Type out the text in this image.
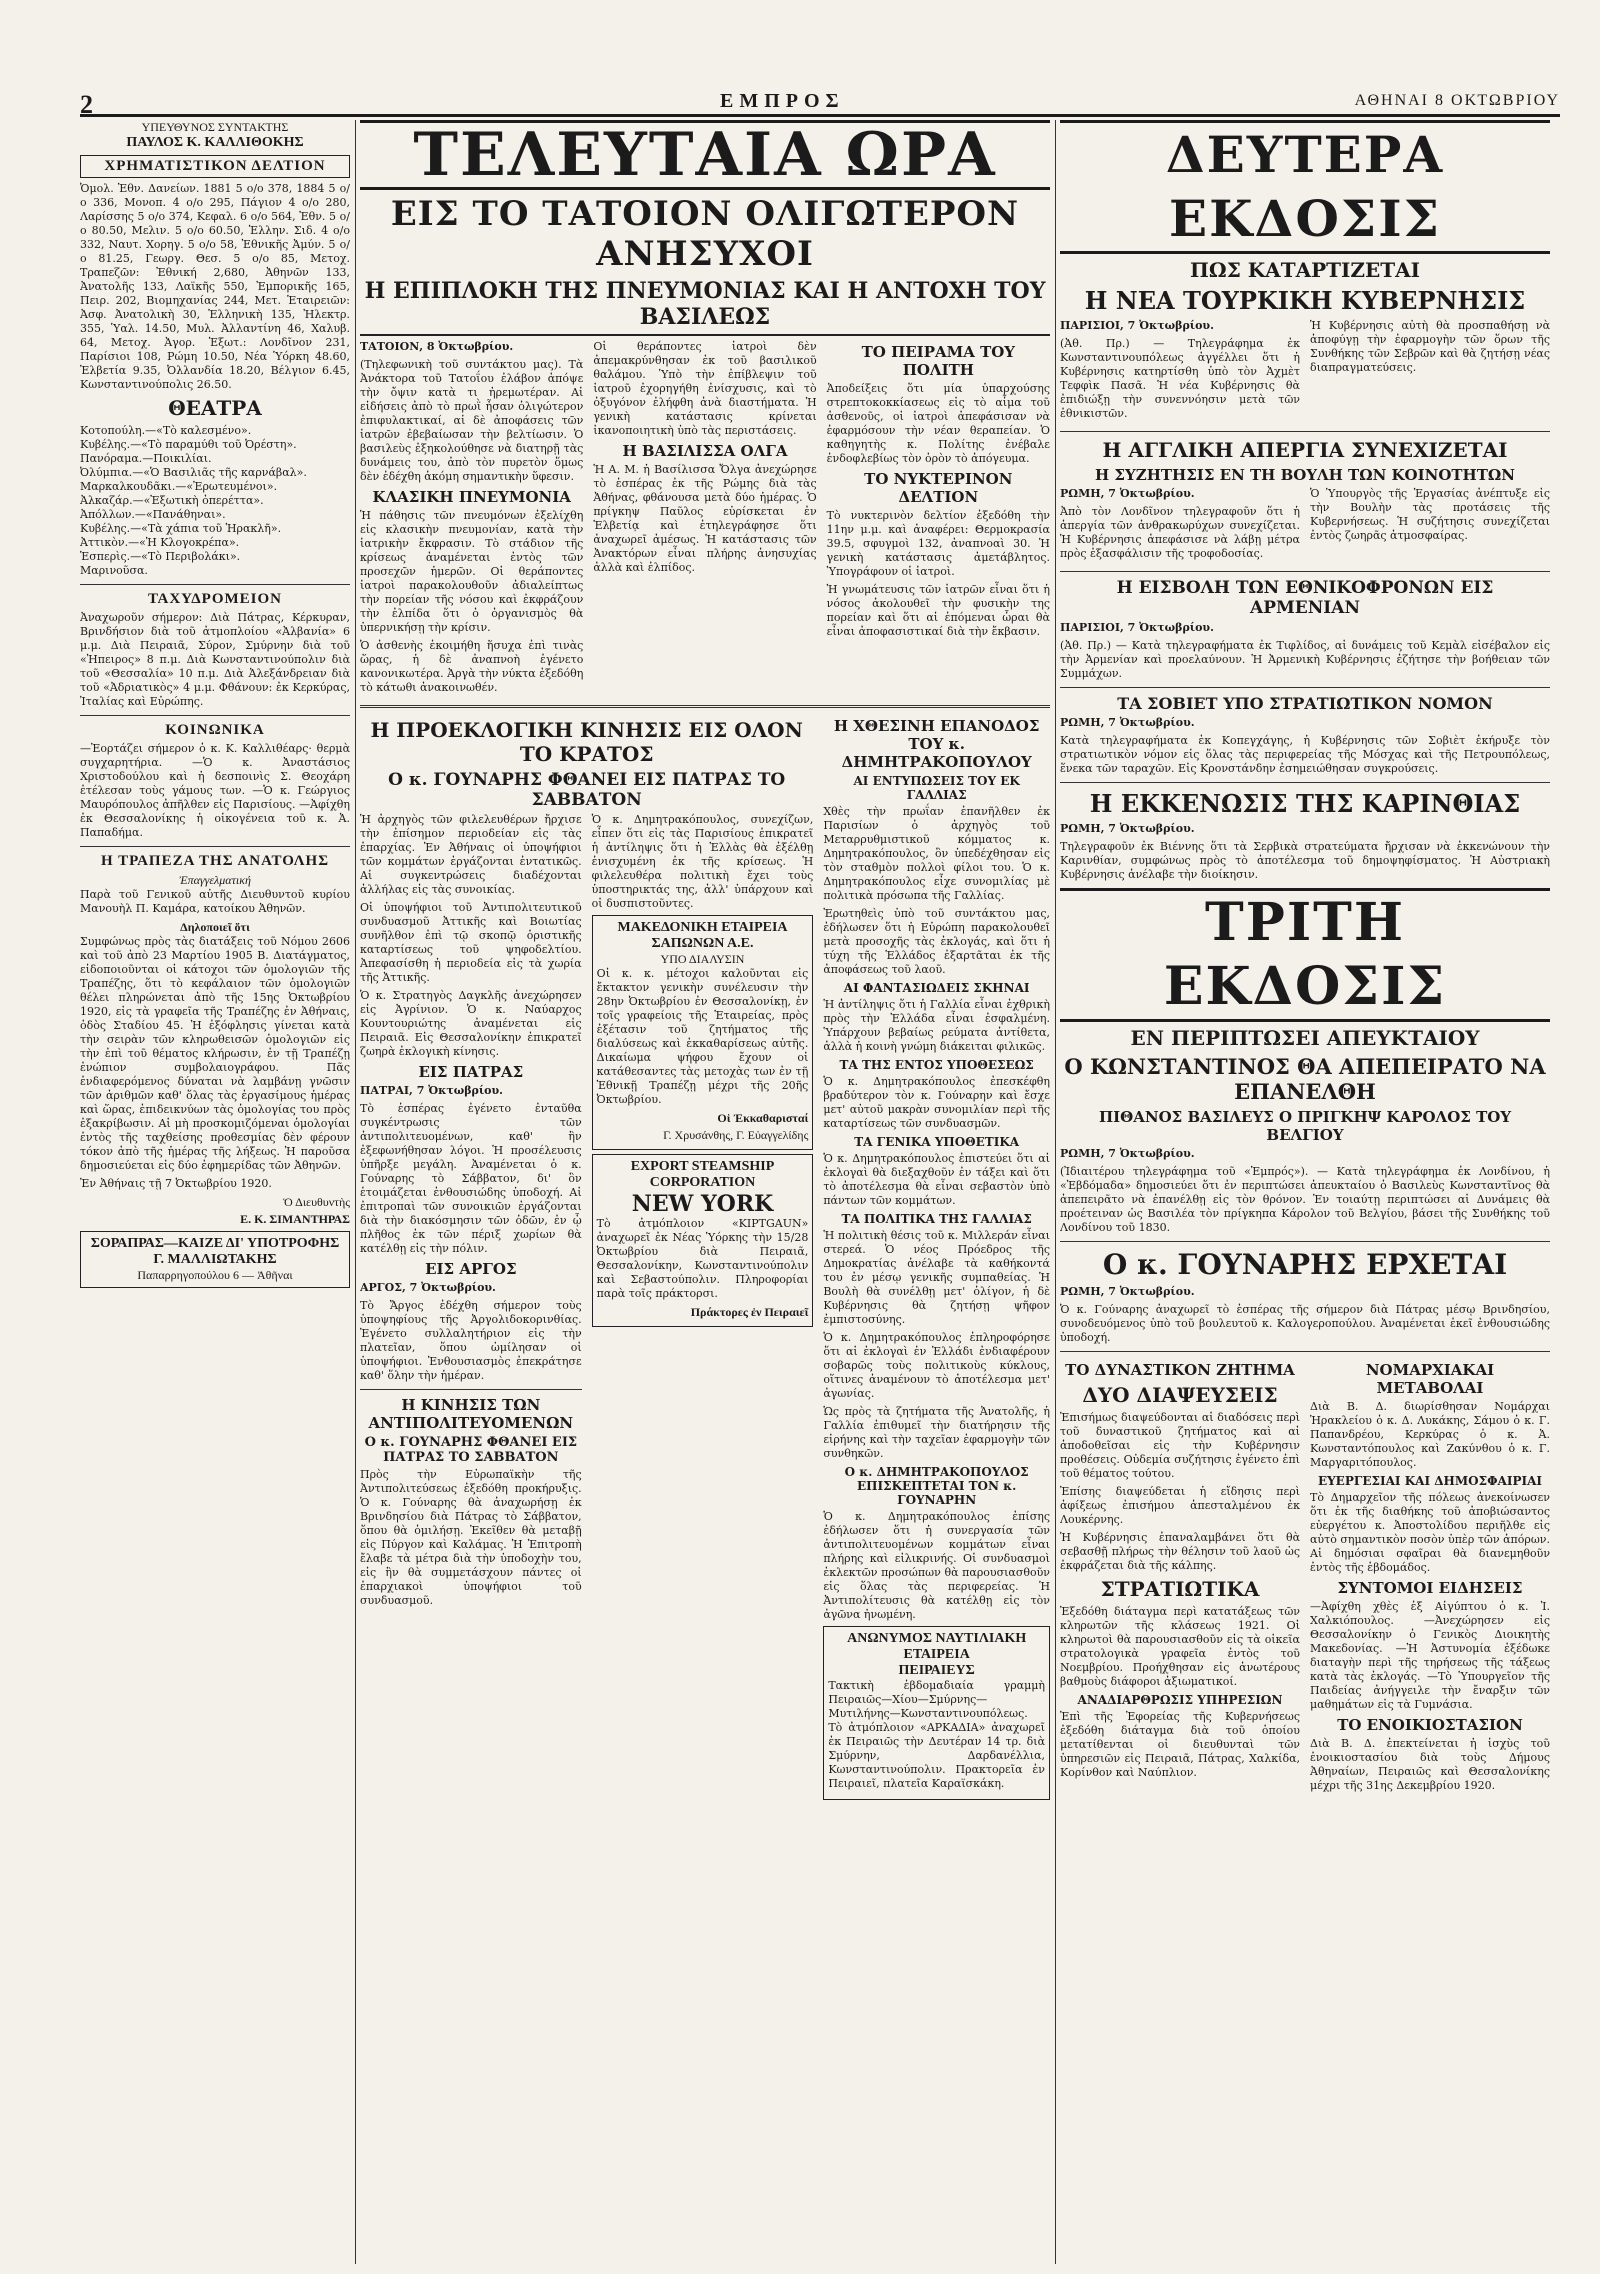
2	ΕΜΠΡΟΣ	ΑΘΗΝΑΙ 8 ΟΚΤΩΒΡΙΟΥ

ΥΠΕΥΘΥΝΟΣ ΣΥΝΤΑΚΤΗΣ

ΠΑΥΛΟΣ Κ. ΚΑΛΛΙΘΟΚΗΣ

ΧΡΗΜΑΤΙΣΤΙΚΟΝ ΔΕΛΤΙΟΝ

Ὁμολ. Ἐθν. Δανείων. 1881 5 ο/ο 378, 1884 5 ο/ο 336, Μονοπ. 4 ο/ο 295, Πάγιον 4 ο/ο 280, Λαρίσσης 5 ο/ο 374, Κεφαλ. 6 ο/ο 564, Ἐθν. 5 ο/ο 80.50, Μελιν. 5 ο/ο 60.50, Ἐλλην. Σιδ. 4 ο/ο 332, Ναυτ. Χορηγ. 5 ο/ο 58, Ἐθνικῆς Ἀμύν. 5 ο/ο 81.25, Γεωργ. Θεσ. 5 ο/ο 85, Μετοχ. Τραπεζῶν: Ἐθνική 2,680, Ἀθηνῶν 133, Ἀνατολῆς 133, Λαϊκῆς 550, Ἐμπορικῆς 165, Πειρ. 202, Βιομηχανίας 244, Μετ. Ἑταιρειῶν: Ἀσφ. Ἀνατολικὴ 30, Ἑλληνικὴ 135, Ἠλεκτρ. 355, Ὑαλ. 14.50, Μυλ. Ἀλλαντίνη 46, Χαλυβ. 64, Μετοχ. Ἀγορ. Ἐξωτ.: Λονδῖνον 231, Παρίσιοι 108, Ρώμη 10.50, Νέα Ὑόρκη 48.60, Ἐλβετία 9.35, Ὀλλανδία 18.20, Βέλγιον 6.45, Κωνσταντινούπολις 26.50.

ΘΕΑΤΡΑ

Κοτοπούλη.—«Τὸ καλεσμένο».

Κυβέλης.—«Τὸ παραμύθι τοῦ Ὀρέστη».

Πανόραμα.—Ποικιλίαι.

Ὀλύμπια.—«Ὁ Βασιλιᾶς τῆς καρνάβαλ».

Μαρκαλκουδᾶκι.—«Ἐρωτευμένοι».

Ἀλκαζάρ.—«Ἐξωτικὴ ὀπερέττα».

Ἀπόλλων.—«Πανάθηναι».

Κυβέλης.—«Τὰ χάπια τοῦ Ἡρακλῆ».

Ἀττικὸν.—«Ἡ Κλογοκρέπα».

Ἑσπερὶς.—«Τὸ Περιβολάκι».

Μαρινοῦσα.

ΤΑΧΥΔΡΟΜΕΙΟΝ

Ἀναχωροῦν σήμερον: Διὰ Πάτρας, Κέρκυραν, Βρινδήσιον διὰ τοῦ ἀτμοπλοίου «Ἀλβανία» 6 μ.μ. Διὰ Πειραιᾶ, Σύρον, Σμύρνην διὰ τοῦ «Ἠπειρος» 8 π.μ. Διὰ Κωνσταντινούπολιν διὰ τοῦ «Θεσσαλία» 10 π.μ. Διὰ Ἀλεξάνδρειαν διὰ τοῦ «Ἀδριατικὸς» 4 μ.μ. Φθάνουν: ἐκ Κερκύρας, Ἰταλίας καὶ Εὐρώπης.

ΚΟΙΝΩΝΙΚΑ

—Ἐορτάζει σήμερον ὁ κ. Κ. Καλλιθέαρς· θερμὰ συγχαρητήρια. —Ὁ κ. Ἀναστάσιος Χριστοδούλου καὶ ἡ δεσποινὶς Σ. Θεοχάρη ἐτέλεσαν τοὺς γάμους των. —Ὁ κ. Γεώργιος Μαυρόπουλος ἀπῆλθεν εἰς Παρισίους. —Ἀφίχθη ἐκ Θεσσαλονίκης ἡ οἰκογένεια τοῦ κ. Ἀ. Παπαδήμα.

Η ΤΡΑΠΕΖΑ ΤΗΣ ΑΝΑΤΟΛΗΣ

Ἐπαγγελματική

Παρὰ τοῦ Γενικοῦ αὐτῆς Διευθυντοῦ κυρίου Μανουὴλ Π. Καμάρα, κατοίκου Ἀθηνῶν.

Δηλοποιεῖ ὅτι

Συμφώνως πρὸς τὰς διατάξεις τοῦ Νόμου 2606 καὶ τοῦ ἀπὸ 23 Μαρτίου 1905 Β. Διατάγματος, εἰδοποιοῦνται οἱ κάτοχοι τῶν ὁμολογιῶν τῆς Τραπέζης, ὅτι τὸ κεφάλαιον τῶν ὁμολογιῶν θέλει πληρώνεται ἀπὸ τῆς 15ης Ὀκτωβρίου 1920, εἰς τὰ γραφεῖα τῆς Τραπέζης ἐν Ἀθήναις, ὁδὸς Σταδίου 45. Ἡ ἐξόφλησις γίνεται κατὰ τὴν σειρὰν τῶν κληρωθεισῶν ὁμολογιῶν εἰς τὴν ἐπὶ τοῦ θέματος κλήρωσιν, ἐν τῇ Τραπέζῃ ἐνώπιον συμβολαιογράφου. Πᾶς ἐνδιαφερόμενος δύναται νὰ λαμβάνῃ γνῶσιν τῶν ἀριθμῶν καθ' ὅλας τὰς ἐργασίμους ἡμέρας καὶ ὥρας, ἐπιδεικνύων τὰς ὁμολογίας του πρὸς ἐξακρίβωσιν. Αἱ μὴ προσκομιζόμεναι ὁμολογίαι ἐντὸς τῆς ταχθείσης προθεσμίας δὲν φέρουν τόκον ἀπὸ τῆς ἡμέρας τῆς λήξεως. Ἡ παροῦσα δημοσιεύεται εἰς δύο ἐφημερίδας τῶν Ἀθηνῶν.

Ἐν Ἀθήναις τῇ 7 Ὀκτωβρίου 1920.

Ὁ Διευθυντὴς

Ε. Κ. ΣΙΜΑΝΤΗΡΑΣ

ΣΟΡΑΠΡΑΣ—ΚΑΙΖΕ ΔΙ' ΥΠΟΤΡΟΦΗΣ
Γ. ΜΑΛΛΙΩΤΑΚΗΣ
Παπαρρηγοπούλου 6 — Ἀθῆναι
ΤΕΛΕΥΤΑΙΑ ΩΡΑ
ΕΙΣ ΤΟ ΤΑΤΟΙΟΝ ΟΛΙΓΩΤΕΡΟΝ ΑΝΗΣΥΧΟΙ
Η ΕΠΙΠΛΟΚΗ ΤΗΣ ΠΝΕΥΜΟΝΙΑΣ ΚΑΙ Η ΑΝΤΟΧΗ ΤΟΥ ΒΑΣΙΛΕΩΣ

ΤΑΤΟΙΟΝ, 8 Ὀκτωβρίου.

(Τηλεφωνικὴ τοῦ συντάκτου μας). Τὰ Ἀνάκτορα τοῦ Τατοΐου ἐλάβον ἀπόψε τὴν ὄψιν κατὰ τι ἠρεμωτέραν. Αἱ εἰδήσεις ἀπὸ τὸ πρωῒ ἦσαν ὀλιγώτερον ἐπιφυλακτικαί, αἱ δὲ ἀποφάσεις τῶν ἰατρῶν ἐβεβαίωσαν τὴν βελτίωσιν. Ὁ βασιλεὺς ἐξηκολούθησε νὰ διατηρῇ τὰς δυνάμεις του, ἀπὸ τὸν πυρετὸν ὅμως δὲν ἐδέχθη ἀκόμη σημαντικὴν ὕφεσιν.

ΚΛΑΣΙΚΗ ΠΝΕΥΜΟΝΙΑ

Ἡ πάθησις τῶν πνευμόνων ἐξελίχθη εἰς κλασικὴν πνευμονίαν, κατὰ τὴν ἰατρικὴν ἔκφρασιν. Τὸ στάδιον τῆς κρίσεως ἀναμένεται ἐντὸς τῶν προσεχῶν ἡμερῶν. Οἱ θεράποντες ἰατροὶ παρακολουθοῦν ἀδιαλείπτως τὴν πορείαν τῆς νόσου καὶ ἐκφράζουν τὴν ἐλπίδα ὅτι ὁ ὀργανισμὸς θὰ ὑπερνικήσῃ τὴν κρίσιν.

Ὁ ἀσθενὴς ἐκοιμήθη ἥσυχα ἐπὶ τινὰς ὥρας, ἡ δὲ ἀναπνοὴ ἐγένετο κανονικωτέρα. Ἀργὰ τὴν νύκτα ἐξεδόθη τὸ κάτωθι ἀνακοινωθέν.

Οἱ θεράποντες ἰατροὶ δὲν ἀπεμακρύνθησαν ἐκ τοῦ βασιλικοῦ θαλάμου. Ὑπὸ τὴν ἐπίβλεψιν τοῦ ἰατροῦ ἐχορηγήθη ἐνίσχυσις, καὶ τὸ ὀξυγόνον ἐλήφθη ἀνὰ διαστήματα. Ἡ γενικὴ κατάστασις κρίνεται ἱκανοποιητικὴ ὑπὸ τὰς περιστάσεις.

Η ΒΑΣΙΛΙΣΣΑ ΟΛΓΑ

Ἡ Α. Μ. ἡ Βασίλισσα Ὄλγα ἀνεχώρησε τὸ ἑσπέρας ἐκ τῆς Ρώμης διὰ τὰς Ἀθήνας, φθάνουσα μετὰ δύο ἡμέρας. Ὁ πρίγκηψ Παῦλος εὑρίσκεται ἐν Ἑλβετίᾳ καὶ ἐτηλεγράφησε ὅτι ἀναχωρεῖ ἀμέσως. Ἡ κατάστασις τῶν Ἀνακτόρων εἶναι πλήρης ἀνησυχίας ἀλλὰ καὶ ἐλπίδος.

ΤΟ ΠΕΙΡΑΜΑ ΤΟΥ ΠΟΛΙΤΗ

Ἀποδείξεις ὅτι μία ὑπαρχούσης στρεπτοκοκκίασεως εἰς τὸ αἷμα τοῦ ἀσθενοῦς, οἱ ἰατροὶ ἀπεφάσισαν νὰ ἐφαρμόσουν τὴν νέαν θεραπείαν. Ὁ καθηγητὴς κ. Πολίτης ἐνέβαλε ἐνδοφλεβίως τὸν ὀρὸν τὸ ἀπόγευμα.

ΤΟ ΝΥΚΤΕΡΙΝΟΝ ΔΕΛΤΙΟΝ

Τὸ νυκτερινὸν δελτίον ἐξεδόθη τὴν 11ην μ.μ. καὶ ἀναφέρει: Θερμοκρασία 39.5, σφυγμοὶ 132, ἀναπνοαὶ 30. Ἡ γενικὴ κατάστασις ἀμετάβλητος. Ὑπογράφουν οἱ ἰατροὶ.

Ἡ γνωμάτευσις τῶν ἰατρῶν εἶναι ὅτι ἡ νόσος ἀκολουθεῖ τὴν φυσικὴν της πορείαν καὶ ὅτι αἱ ἐπόμεναι ὧραι θὰ εἶναι ἀποφασιστικαί διὰ τὴν ἔκβασιν.

Η ΠΡΟΕΚΛΟΓΙΚΗ ΚΙΝΗΣΙΣ ΕΙΣ ΟΛΟΝ ΤΟ ΚΡΑΤΟΣ
Ο κ. ΓΟΥΝΑΡΗΣ ΦΘΑΝΕΙ ΕΙΣ ΠΑΤΡΑΣ ΤΟ ΣΑΒΒΑΤΟΝ

Ἡ ἀρχηγὸς τῶν φιλελευθέρων ἤρχισε τὴν ἐπίσημον περιοδείαν εἰς τὰς ἐπαρχίας. Ἐν Ἀθήναις οἱ ὑποψήφιοι τῶν κομμάτων ἐργάζονται ἐντατικῶς. Αἱ συγκεντρώσεις διαδέχονται ἀλλήλας εἰς τὰς συνοικίας.

Οἱ ὑποψήφιοι τοῦ Ἀντιπολιτευτικοῦ συνδυασμοῦ Ἀττικῆς καὶ Βοιωτίας συνῆλθον ἐπὶ τῷ σκοπῷ ὁριστικῆς καταρτίσεως τοῦ ψηφοδελτίου. Ἀπεφασίσθη ἡ περιοδεία εἰς τὰ χωρία τῆς Ἀττικῆς.

Ὁ κ. Στρατηγὸς Δαγκλῆς ἀνεχώρησεν εἰς Ἀγρίνιον. Ὁ κ. Ναύαρχος Κουντουριώτης ἀναμένεται εἰς Πειραιᾶ. Εἰς Θεσσαλονίκην ἐπικρατεῖ ζωηρὰ ἐκλογικὴ κίνησις.

ΕΙΣ ΠΑΤΡΑΣ

ΠΑΤΡΑΙ, 7 Ὀκτωβρίου.

Τὸ ἑσπέρας ἐγένετο ἐνταῦθα συγκέντρωσις τῶν ἀντιπολιτευομένων, καθ' ἣν ἐξεφωνήθησαν λόγοι. Ἡ προσέλευσις ὑπῆρξε μεγάλη. Ἀναμένεται ὁ κ. Γούναρης τὸ Σάββατον, δι' ὃν ἑτοιμάζεται ἐνθουσιώδης ὑποδοχή. Αἱ ἐπιτροπαὶ τῶν συνοικιῶν ἐργάζονται διὰ τὴν διακόσμησιν τῶν ὁδῶν, ἐν ᾧ πλῆθος ἐκ τῶν πέριξ χωρίων θὰ κατέλθῃ εἰς τὴν πόλιν.

ΕΙΣ ΑΡΓΟΣ

ΑΡΓΟΣ, 7 Ὀκτωβρίου.

Τὸ Ἄργος ἐδέχθη σήμερον τοὺς ὑποψηφίους τῆς Ἀργολιδοκορινθίας. Ἐγένετο συλλαλητήριον εἰς τὴν πλατεῖαν, ὅπου ὡμίλησαν οἱ ὑποψήφιοι. Ἐνθουσιασμὸς ἐπεκράτησε καθ' ὅλην τὴν ἡμέραν.

Η ΚΙΝΗΣΙΣ ΤΩΝ ΑΝΤΙΠΟΛΙΤΕΥΟΜΕΝΩΝ
Ο κ. ΓΟΥΝΑΡΗΣ ΦΘΑΝΕΙ ΕΙΣ ΠΑΤΡΑΣ ΤΟ ΣΑΒΒΑΤΟΝ

Πρὸς τὴν Εὐρωπαϊκὴν τῆς Ἀντιπολιτεύσεως ἐξεδόθη προκήρυξις. Ὁ κ. Γούναρης θὰ ἀναχωρήσῃ ἐκ Βρινδησίου διὰ Πάτρας τὸ Σάββατον, ὅπου θὰ ὁμιλήσῃ. Ἐκεῖθεν θὰ μεταβῇ εἰς Πύργον καὶ Καλάμας. Ἡ Ἐπιτροπὴ ἔλαβε τὰ μέτρα διὰ τὴν ὑποδοχὴν του, εἰς ἣν θὰ συμμετάσχουν πάντες οἱ ἐπαρχιακοὶ ὑποψήφιοι τοῦ συνδυασμοῦ.

Ὁ κ. Δημητρακόπουλος, συνεχίζων, εἶπεν ὅτι εἰς τὰς Παρισίους ἐπικρατεῖ ἡ ἀντίληψις ὅτι ἡ Ἑλλὰς θὰ ἐξέλθῃ ἐνισχυμένη ἐκ τῆς κρίσεως. Ἡ φιλελευθέρα πολιτικὴ ἔχει τοὺς ὑποστηρικτάς της, ἀλλ' ὑπάρχουν καὶ οἱ δυσπιστοῦντες.

ΜΑΚΕΔΟΝΙΚΗ ΕΤΑΙΡΕΙΑ ΣΑΠΩΝΩΝ Α.Ε.
ΥΠΟ ΔΙΑΛΥΣΙΝ

Οἱ κ. κ. μέτοχοι καλοῦνται εἰς ἔκτακτον γενικὴν συνέλευσιν τὴν 28ην Ὀκτωβρίου ἐν Θεσσαλονίκῃ, ἐν τοῖς γραφείοις τῆς Ἑταιρείας, πρὸς ἐξέτασιν τοῦ ζητήματος τῆς διαλύσεως καὶ ἐκκαθαρίσεως αὐτῆς. Δικαίωμα ψήφου ἔχουν οἱ κατάθεσαντες τὰς μετοχὰς των ἐν τῇ Ἐθνικῇ Τραπέζῃ μέχρι τῆς 20ῆς Ὀκτωβρίου.

Οἱ Ἐκκαθαρισταί

Γ. Χρυσάνθης, Γ. Εὐαγγελίδης

EXPORT STEAMSHIP CORPORATION
NEW YORK

Τὸ ἀτμόπλοιον «KIPTGAUN» ἀναχωρεῖ ἐκ Νέας Ὑόρκης τὴν 15/28 Ὀκτωβρίου διὰ Πειραιᾶ, Θεσσαλονίκην, Κωνσταντινούπολιν καὶ Σεβαστούπολιν. Πληροφορίαι παρὰ τοῖς πράκτορσι.

Πράκτορες ἐν Πειραιεῖ

Η ΧΘΕΣΙΝΗ ΕΠΑΝΟΔΟΣ ΤΟΥ κ. ΔΗΜΗΤΡΑΚΟΠΟΥΛΟΥ
ΑΙ ΕΝΤΥΠΩΣΕΙΣ ΤΟΥ ΕΚ ΓΑΛΛΙΑΣ

Χθὲς τὴν πρωΐαν ἐπανῆλθεν ἐκ Παρισίων ὁ ἀρχηγὸς τοῦ Μεταρρυθμιστικοῦ κόμματος κ. Δημητρακόπουλος, ὃν ὑπεδέχθησαν εἰς τὸν σταθμὸν πολλοὶ φίλοι του. Ὁ κ. Δημητρακόπουλος εἶχε συνομιλίας μὲ πολιτικὰ πρόσωπα τῆς Γαλλίας.

Ἐρωτηθεὶς ὑπὸ τοῦ συντάκτου μας, ἐδήλωσεν ὅτι ἡ Εὐρώπη παρακολουθεῖ μετὰ προσοχῆς τὰς ἐκλογάς, καὶ ὅτι ἡ τύχη τῆς Ἑλλάδος ἐξαρτᾶται ἐκ τῆς ἀποφάσεως τοῦ λαοῦ.

ΑΙ ΦΑΝΤΑΣΙΩΔΕΙΣ ΣΚΗΝΑΙ

Ἡ ἀντίληψις ὅτι ἡ Γαλλία εἶναι ἐχθρικὴ πρὸς τὴν Ἑλλάδα εἶναι ἐσφαλμένη. Ὑπάρχουν βεβαίως ρεύματα ἀντίθετα, ἀλλὰ ἡ κοινὴ γνώμη διάκειται φιλικῶς.

ΤΑ ΤΗΣ ΕΝΤΟΣ ΥΠΟΘΕΣΕΩΣ

Ὁ κ. Δημητρακόπουλος ἐπεσκέφθη βραδύτερον τὸν κ. Γούναρην καὶ ἔσχε μετ' αὐτοῦ μακρὰν συνομιλίαν περὶ τῆς καταρτίσεως τῶν συνδυασμῶν.

ΤΑ ΓΕΝΙΚΑ ΥΠΟΘΕΤΙΚΑ

Ὁ κ. Δημητρακόπουλος ἐπιστεύει ὅτι αἱ ἐκλογαὶ θὰ διεξαχθοῦν ἐν τάξει καὶ ὅτι τὸ ἀποτέλεσμα θὰ εἶναι σεβαστὸν ὑπὸ πάντων τῶν κομμάτων.

ΤΑ ΠΟΛΙΤΙΚΑ ΤΗΣ ΓΑΛΛΙΑΣ

Ἡ πολιτικὴ θέσις τοῦ κ. Μιλλεράν εἶναι στερεά. Ὁ νέος Πρόεδρος τῆς Δημοκρατίας ἀνέλαβε τὰ καθήκοντά του ἐν μέσῳ γενικῆς συμπαθείας. Ἡ Βουλὴ θὰ συνέλθῃ μετ' ὀλίγον, ἡ δὲ Κυβέρνησις θὰ ζητήσῃ ψῆφον ἐμπιστοσύνης.

Ὁ κ. Δημητρακόπουλος ἐπληροφόρησε ὅτι αἱ ἐκλογαὶ ἐν Ἑλλάδι ἐνδιαφέρουν σοβαρῶς τοὺς πολιτικοὺς κύκλους, οἵτινες ἀναμένουν τὸ ἀποτέλεσμα μετ' ἀγωνίας.

Ὡς πρὸς τὰ ζητήματα τῆς Ἀνατολῆς, ἡ Γαλλία ἐπιθυμεῖ τὴν διατήρησιν τῆς εἰρήνης καὶ τὴν ταχεῖαν ἐφαρμογὴν τῶν συνθηκῶν.

Ο κ. ΔΗΜΗΤΡΑΚΟΠΟΥΛΟΣ ΕΠΙΣΚΕΠΤΕΤΑΙ ΤΟΝ κ. ΓΟΥΝΑΡΗΝ

Ὁ κ. Δημητρακόπουλος ἐπίσης ἐδήλωσεν ὅτι ἡ συνεργασία τῶν ἀντιπολιτευομένων κομμάτων εἶναι πλήρης καὶ εἰλικρινής. Οἱ συνδυασμοὶ ἐκλεκτῶν προσώπων θὰ παρουσιασθοῦν εἰς ὅλας τὰς περιφερείας. Ἡ Ἀντιπολίτευσις θὰ κατέλθῃ εἰς τὸν ἀγῶνα ἡνωμένη.

ΑΝΩΝΥΜΟΣ ΝΑΥΤΙΛΙΑΚΗ ΕΤΑΙΡΕΙΑ
ΠΕΙΡΑΙΕΥΣ

Τακτικὴ ἑβδομαδιαία γραμμὴ Πειραιῶς—Χίου—Σμύρνης—Μυτιλήνης—Κωνσταντινουπόλεως. Τὸ ἀτμόπλοιον «ΑΡΚΑΔΙΑ» ἀναχωρεῖ ἐκ Πειραιῶς τὴν Δευτέραν 14 τρ. διὰ Σμύρνην, Δαρδανέλλια, Κωνσταντινούπολιν. Πρακτορεῖα ἐν Πειραιεῖ, πλατεῖα Καραϊσκάκη.

ΔΕΥΤΕΡΑ ΕΚΔΟΣΙΣ
ΠΩΣ ΚΑΤΑΡΤΙΖΕΤΑΙ
Η ΝΕΑ ΤΟΥΡΚΙΚΗ ΚΥΒΕΡΝΗΣΙΣ

ΠΑΡΙΣΙΟΙ, 7 Ὀκτωβρίου.

(Ἀθ. Πρ.) — Τηλεγράφημα ἐκ Κωνσταντινουπόλεως ἀγγέλλει ὅτι ἡ Κυβέρνησις κατηρτίσθη ὑπὸ τὸν Ἀχμὲτ Τεφφὶκ Πασᾶ. Ἡ νέα Κυβέρνησις θὰ ἐπιδιώξῃ τὴν συνεννόησιν μετὰ τῶν ἐθνικιστῶν.

Ἡ Κυβέρνησις αὐτὴ θὰ προσπαθήσῃ νὰ ἀποφύγῃ τὴν ἐφαρμογὴν τῶν ὅρων τῆς Συνθήκης τῶν Σεβρῶν καὶ θὰ ζητήσῃ νέας διαπραγματεύσεις.

Η ΑΓΓΛΙΚΗ ΑΠΕΡΓΙΑ ΣΥΝΕΧΙΖΕΤΑΙ
Η ΣΥΖΗΤΗΣΙΣ ΕΝ ΤΗ ΒΟΥΛΗ ΤΩΝ ΚΟΙΝΟΤΗΤΩΝ

ΡΩΜΗ, 7 Ὀκτωβρίου.

Ἀπὸ τὸν Λονδῖνον τηλεγραφοῦν ὅτι ἡ ἀπεργία τῶν ἀνθρακωρύχων συνεχίζεται. Ἡ Κυβέρνησις ἀπεφάσισε νὰ λάβῃ μέτρα πρὸς ἐξασφάλισιν τῆς τροφοδοσίας.

Ὁ Ὑπουργὸς τῆς Ἐργασίας ἀνέπτυξε εἰς τὴν Βουλὴν τὰς προτάσεις τῆς Κυβερνήσεως. Ἡ συζήτησις συνεχίζεται ἐντὸς ζωηρᾶς ἀτμοσφαίρας.

Η ΕΙΣΒΟΛΗ ΤΩΝ ΕΘΝΙΚΟΦΡΟΝΩΝ ΕΙΣ ΑΡΜΕΝΙΑΝ

ΠΑΡΙΣΙΟΙ, 7 Ὀκτωβρίου.

(Ἀθ. Πρ.) — Κατὰ τηλεγραφήματα ἐκ Τιφλίδος, αἱ δυνάμεις τοῦ Κεμὰλ εἰσέβαλον εἰς τὴν Ἀρμενίαν καὶ προελαύνουν. Ἡ Ἀρμενικὴ Κυβέρνησις ἐζήτησε τὴν βοήθειαν τῶν Συμμάχων.

ΤΑ ΣΟΒΙΕΤ ΥΠΟ ΣΤΡΑΤΙΩΤΙΚΟΝ ΝΟΜΟΝ

ΡΩΜΗ, 7 Ὀκτωβρίου.

Κατὰ τηλεγραφήματα ἐκ Κοπεγχάγης, ἡ Κυβέρνησις τῶν Σοβιὲτ ἐκήρυξε τὸν στρατιωτικὸν νόμον εἰς ὅλας τὰς περιφερείας τῆς Μόσχας καὶ τῆς Πετρουπόλεως, ἕνεκα τῶν ταραχῶν. Εἰς Κρονστάνδην ἐσημειώθησαν συγκρούσεις.

Η ΕΚΚΕΝΩΣΙΣ ΤΗΣ ΚΑΡΙΝΘΙΑΣ

ΡΩΜΗ, 7 Ὀκτωβρίου.

Τηλεγραφοῦν ἐκ Βιέννης ὅτι τὰ Σερβικὰ στρατεύματα ἤρχισαν νὰ ἐκκενώνουν τὴν Καρινθίαν, συμφώνως πρὸς τὸ ἀποτέλεσμα τοῦ δημοψηφίσματος. Ἡ Αὐστριακὴ Κυβέρνησις ἀνέλαβε τὴν διοίκησιν.

ΤΡΙΤΗ ΕΚΔΟΣΙΣ
ΕΝ ΠΕΡΙΠΤΩΣΕΙ ΑΠΕΥΚΤΑΙΟΥ
Ο ΚΩΝΣΤΑΝΤΙΝΟΣ ΘΑ ΑΠΕΠΕΙΡΑΤΟ ΝΑ ΕΠΑΝΕΛΘΗ
ΠΙΘΑΝΟΣ ΒΑΣΙΛΕΥΣ Ο ΠΡΙΓΚΗΨ ΚΑΡΟΛΟΣ ΤΟΥ ΒΕΛΓΙΟΥ

ΡΩΜΗ, 7 Ὀκτωβρίου.

(Ἰδιαιτέρου τηλεγράφημα τοῦ «Ἐμπρός»). — Κατὰ τηλεγράφημα ἐκ Λονδίνου, ἡ «Ἐβδόμαδα» δημοσιεύει ὅτι ἐν περιπτώσει ἀπευκταίου ὁ Βασιλεὺς Κωνσταντῖνος θὰ ἀπεπειρᾶτο νὰ ἐπανέλθῃ εἰς τὸν θρόνον. Ἐν τοιαύτῃ περιπτώσει αἱ Δυνάμεις θὰ προέτειναν ὡς Βασιλέα τὸν πρίγκηπα Κάρολον τοῦ Βελγίου, βάσει τῆς Συνθήκης τοῦ Λονδίνου τοῦ 1830.

Ο κ. ΓΟΥΝΑΡΗΣ ΕΡΧΕΤΑΙ

ΡΩΜΗ, 7 Ὀκτωβρίου.

Ὁ κ. Γούναρης ἀναχωρεῖ τὸ ἑσπέρας τῆς σήμερον διὰ Πάτρας μέσῳ Βρινδησίου, συνοδευόμενος ὑπὸ τοῦ βουλευτοῦ κ. Καλογεροπούλου. Ἀναμένεται ἐκεῖ ἐνθουσιώδης ὑποδοχή.

ΤΟ ΔΥΝΑΣΤΙΚΟΝ ΖΗΤΗΜΑ
ΔΥΟ ΔΙΑΨΕΥΣΕΙΣ

Ἐπισήμως διαψεύδονται αἱ διαδόσεις περὶ τοῦ δυναστικοῦ ζητήματος καὶ αἱ ἀποδοθεῖσαι εἰς τὴν Κυβέρνησιν προθέσεις. Οὐδεμία συζήτησις ἐγένετο ἐπὶ τοῦ θέματος τούτου.

Ἐπίσης διαψεύδεται ἡ εἴδησις περὶ ἀφίξεως ἐπισήμου ἀπεσταλμένου ἐκ Λουκέρνης.

Ἡ Κυβέρνησις ἐπαναλαμβάνει ὅτι θὰ σεβασθῇ πλήρως τὴν θέλησιν τοῦ λαοῦ ὡς ἐκφράζεται διὰ τῆς κάλπης.

ΣΤΡΑΤΙΩΤΙΚΑ

Ἐξεδόθη διάταγμα περὶ κατατάξεως τῶν κληρωτῶν τῆς κλάσεως 1921. Οἱ κληρωτοὶ θὰ παρουσιασθοῦν εἰς τὰ οἰκεῖα στρατολογικὰ γραφεῖα ἐντὸς τοῦ Νοεμβρίου. Προήχθησαν εἰς ἀνωτέρους βαθμοὺς διάφοροι ἀξιωματικοί.

ΑΝΑΔΙΑΡΘΡΩΣΙΣ ΥΠΗΡΕΣΙΩΝ

Ἐπὶ τῆς Ἐφορείας τῆς Κυβερνήσεως ἐξεδόθη διάταγμα διὰ τοῦ ὁποίου μετατίθενται οἱ διευθυνταὶ τῶν ὑπηρεσιῶν εἰς Πειραιᾶ, Πάτρας, Χαλκίδα, Κορίνθον καὶ Ναύπλιον.

ΝΟΜΑΡΧΙΑΚΑΙ ΜΕΤΑΒΟΛΑΙ

Διὰ Β. Δ. διωρίσθησαν Νομάρχαι Ἡρακλείου ὁ κ. Δ. Λυκάκης, Σάμου ὁ κ. Γ. Παπανδρέου, Κερκύρας ὁ κ. Ἀ. Κωνσταντόπουλος καὶ Ζακύνθου ὁ κ. Γ. Μαργαριτόπουλος.

ΕΥΕΡΓΕΣΙΑΙ ΚΑΙ ΔΗΜΟΣΦΑΙΡΙΑΙ

Τὸ Δημαρχεῖον τῆς πόλεως ἀνεκοίνωσεν ὅτι ἐκ τῆς διαθήκης τοῦ ἀποβιώσαντος εὐεργέτου κ. Ἀποστολίδου περιῆλθε εἰς αὐτὸ σημαντικὸν ποσὸν ὑπὲρ τῶν ἀπόρων. Αἱ δημόσιαι σφαῖραι θὰ διανεμηθοῦν ἐντὸς τῆς ἑβδομάδος.

ΣΥΝΤΟΜΟΙ ΕΙΔΗΣΕΙΣ

—Ἀφίχθη χθὲς ἐξ Αἰγύπτου ὁ κ. Ἰ. Χαλκιόπουλος. —Ἀνεχώρησεν εἰς Θεσσαλονίκην ὁ Γενικὸς Διοικητὴς Μακεδονίας. —Ἡ Ἀστυνομία ἐξέδωκε διαταγὴν περὶ τῆς τηρήσεως τῆς τάξεως κατὰ τὰς ἐκλογάς. —Τὸ Ὑπουργεῖον τῆς Παιδείας ἀνήγγειλε τὴν ἔναρξιν τῶν μαθημάτων εἰς τὰ Γυμνάσια.

ΤΟ ΕΝΟΙΚΙΟΣΤΑΣΙΟΝ

Διὰ Β. Δ. ἐπεκτείνεται ἡ ἰσχὺς τοῦ ἐνοικιοστασίου διὰ τοὺς Δήμους Ἀθηναίων, Πειραιῶς καὶ Θεσσαλονίκης μέχρι τῆς 31ης Δεκεμβρίου 1920.
